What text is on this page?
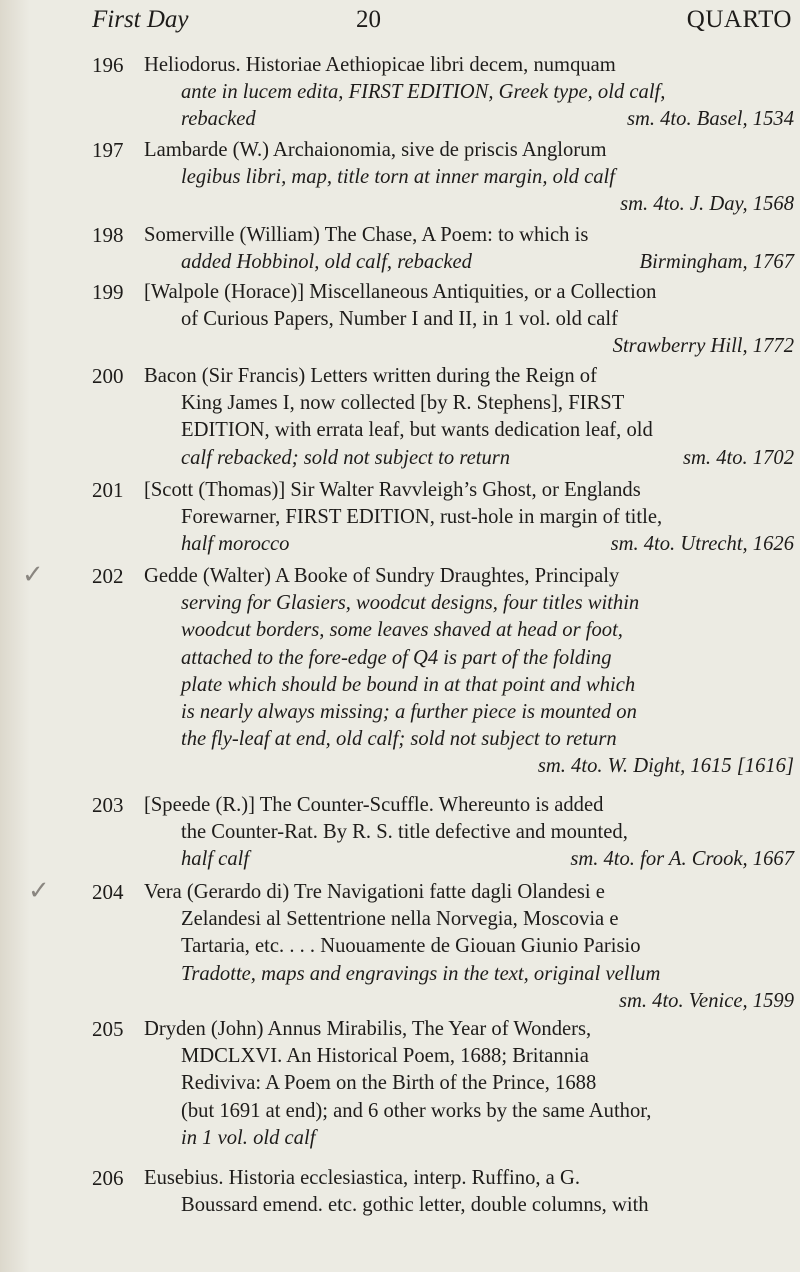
First Day	20	QUARTO
196 Heliodorus. Historiae Aethiopicae libri decem, numquam
ante in lucem edita, FIRST EDITION, Greek type, old calf,
rebacked	sm. 4to. Basel, 1534
197 Lambarde (W.) Archaionomia, sive de priscis Anglorum
legibus libri, map, title torn at inner margin, old calf
sm. 4to. J. Day, 1568
198 Somerville (William) The Chase, A Poem: to which is
added Hobbinol, old calf, rebacked	Birmingham, 1767
199 [Walpole (Horace)] Miscellaneous Antiquities, or a Collection
of Curious Papers, Number I and II, in 1 vol. old calf
Strawberry Hill, 1772
200 Bacon (Sir Francis) Letters written during the Reign of
King James I, now collected [by R. Stephens], FIRST
EDITION, with errata leaf, but wants dedication leaf, old
calf rebacked; sold not subject to return	sm. 4to. 1702
201 [Scott (Thomas)] Sir Walter Ravvleigh’s Ghost, or Englands
Forewarner, FIRST EDITION, rust-hole in margin of title,
half morocco	sm. 4to. Utrecht, 1626
✓ 202 Gedde (Walter) A Booke of Sundry Draughtes, Principaly
serving for Glasiers, woodcut designs, four titles within
woodcut borders, some leaves shaved at head or foot,
attached to the fore-edge of Q4 is part of the folding
plate which should be bound in at that point and which
is nearly always missing; a further piece is mounted on
the fly-leaf at end, old calf; sold not subject to return
sm. 4to. W. Dight, 1615 [1616]
203 [Speede (R.)] The Counter-Scuffle. Whereunto is added
the Counter-Rat. By R. S. title defective and mounted,
half calf	sm. 4to. for A. Crook, 1667
✓ 204 Vera (Gerardo di) Tre Navigationi fatte dagli Olandesi e
Zelandesi al Settentrione nella Norvegia, Moscovia e
Tartaria, etc. . . . Nuouamente de Giouan Giunio Parisio
Tradotte, maps and engravings in the text, original vellum
sm. 4to. Venice, 1599
205 Dryden (John) Annus Mirabilis, The Year of Wonders,
MDCLXVI. An Historical Poem, 1688; Britannia
Rediviva: A Poem on the Birth of the Prince, 1688
(but 1691 at end); and 6 other works by the same Author,
in 1 vol. old calf
206 Eusebius. Historia ecclesiastica, interp. Ruffino, a G.
Boussard emend. etc. gothic letter, double columns, with
